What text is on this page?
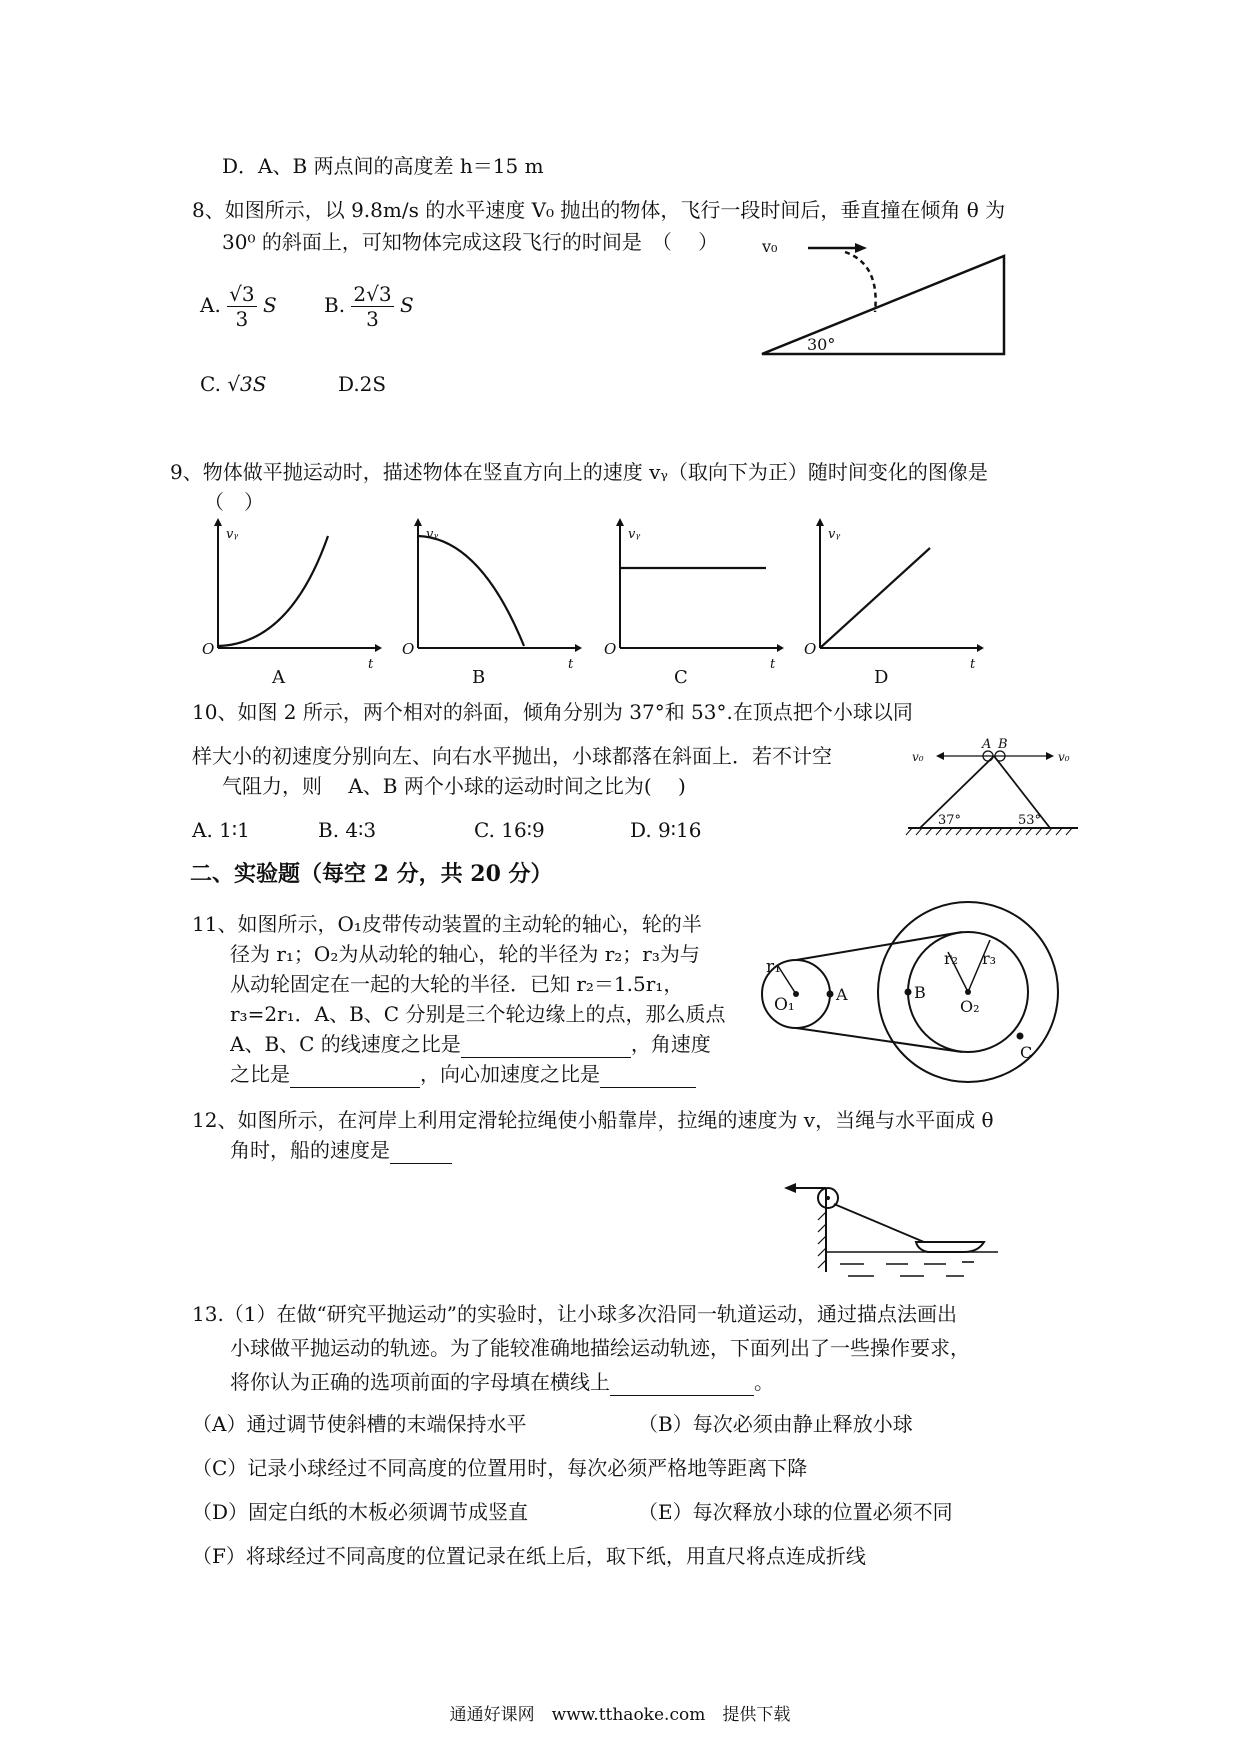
D．A、B 两点间的高度差 h＝15 m
8、如图所示，以 9.8m/s 的水平速度 V₀ 抛出的物体，飞行一段时间后，垂直撞在倾角 θ 为
30⁰ 的斜面上，可知物体完成这段飞行的时间是　（　 ）
A. $\frac{√3}{3}$ S B. $\frac{2√3}{3}$ S
C. √3S	D.2S
v₀
30°
9、物体做平抛运动时，描述物体在竖直方向上的速度 vᵧ（取向下为正）随时间变化的图像是
（　）
vᵧ
t
O
A
vᵧ
t
O
B
vᵧ
t
O
C
vᵧ
t
O
D
10、如图 2 所示，两个相对的斜面，倾角分别为 37°和 53°.在顶点把个小球以同
样大小的初速度分别向左、向右水平抛出，小球都落在斜面上．若不计空
气阻力，则　 A、B 两个小球的运动时间之比为(　 )
A. 1∶1	B. 4∶3	C. 16∶9	D. 9∶16
A B
v₀	v₀
37°	53°
二、实验题（每空 2 分，共 20 分）
11、如图所示，O₁皮带传动装置的主动轮的轴心，轮的半
径为 r₁；O₂为从动轮的轴心，轮的半径为 r₂；r₃为与
从动轮固定在一起的大轮的半径．已知 r₂＝1.5r₁，
r₃=2r₁．A、B、C 分别是三个轮边缘上的点，那么质点
A、B、C 的线速度之比是	，角速度
之比是	，向心加速度之比是
r₁
O₁
A	B
r₂ r₃
O₂
C
12、如图所示，在河岸上利用定滑轮拉绳使小船靠岸，拉绳的速度为 v，当绳与水平面成 θ
角时，船的速度是
13.（1）在做“研究平抛运动”的实验时，让小球多次沿同一轨道运动，通过描点法画出
小球做平抛运动的轨迹。为了能较准确地描绘运动轨迹，下面列出了一些操作要求，
将你认为正确的选项前面的字母填在横线上	。
（A）通过调节使斜槽的末端保持水平	（B）每次必须由静止释放小球
（C）记录小球经过不同高度的位置用时，每次必须严格地等距离下降
（D）固定白纸的木板必须调节成竖直	（E）每次释放小球的位置必须不同
（F）将球经过不同高度的位置记录在纸上后，取下纸，用直尺将点连成折线
通通好课网　www.tthaoke.com　提供下载
